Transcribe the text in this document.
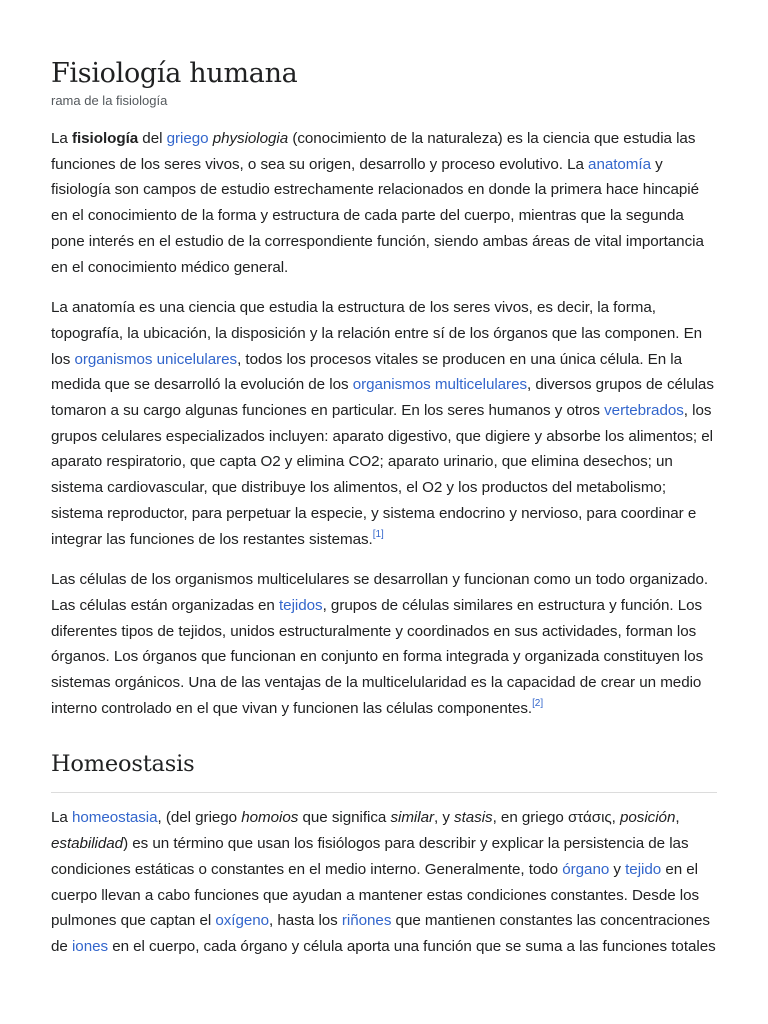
Fisiología humana
rama de la fisiología

La fisiología del griego physiologia (conocimiento de la naturaleza) es la ciencia que estudia las funciones de los seres vivos, o sea su origen, desarrollo y proceso evolutivo. La anatomía y fisiología son campos de estudio estrechamente relacionados en donde la primera hace hincapié en el conocimiento de la forma y estructura de cada parte del cuerpo, mientras que la segunda pone interés en el estudio de la correspondiente función, siendo ambas áreas de vital importancia en el conocimiento médico general.

La anatomía es una ciencia que estudia la estructura de los seres vivos, es decir, la forma, topografía, la ubicación, la disposición y la relación entre sí de los órganos que las componen. En los organismos unicelulares, todos los procesos vitales se producen en una única célula. En la medida que se desarrolló la evolución de los organismos multicelulares, diversos grupos de células tomaron a su cargo algunas funciones en particular. En los seres humanos y otros vertebrados, los grupos celulares especializados incluyen: aparato digestivo, que digiere y absorbe los alimentos; el aparato respiratorio, que capta O2 y elimina CO2; aparato urinario, que elimina desechos; un sistema cardiovascular, que distribuye los alimentos, el O2 y los productos del metabolismo; sistema reproductor, para perpetuar la especie, y sistema endocrino y nervioso, para coordinar e integrar las funciones de los restantes sistemas.[1]

Las células de los organismos multicelulares se desarrollan y funcionan como un todo organizado. Las células están organizadas en tejidos, grupos de células similares en estructura y función. Los diferentes tipos de tejidos, unidos estructuralmente y coordinados en sus actividades, forman los órganos. Los órganos que funcionan en conjunto en forma integrada y organizada constituyen los sistemas orgánicos. Una de las ventajas de la multicelularidad es la capacidad de crear un medio interno controlado en el que vivan y funcionen las células componentes.[2]

Homeostasis

La homeostasia, (del griego homoios que significa similar, y stasis, en griego στάσις, posición, estabilidad) es un término que usan los fisiólogos para describir y explicar la persistencia de las condiciones estáticas o constantes en el medio interno. Generalmente, todo órgano y tejido en el cuerpo llevan a cabo funciones que ayudan a mantener estas condiciones constantes. Desde los pulmones que captan el oxígeno, hasta los riñones que mantienen constantes las concentraciones de iones en el cuerpo, cada órgano y célula aporta una función que se suma a las funciones totales
